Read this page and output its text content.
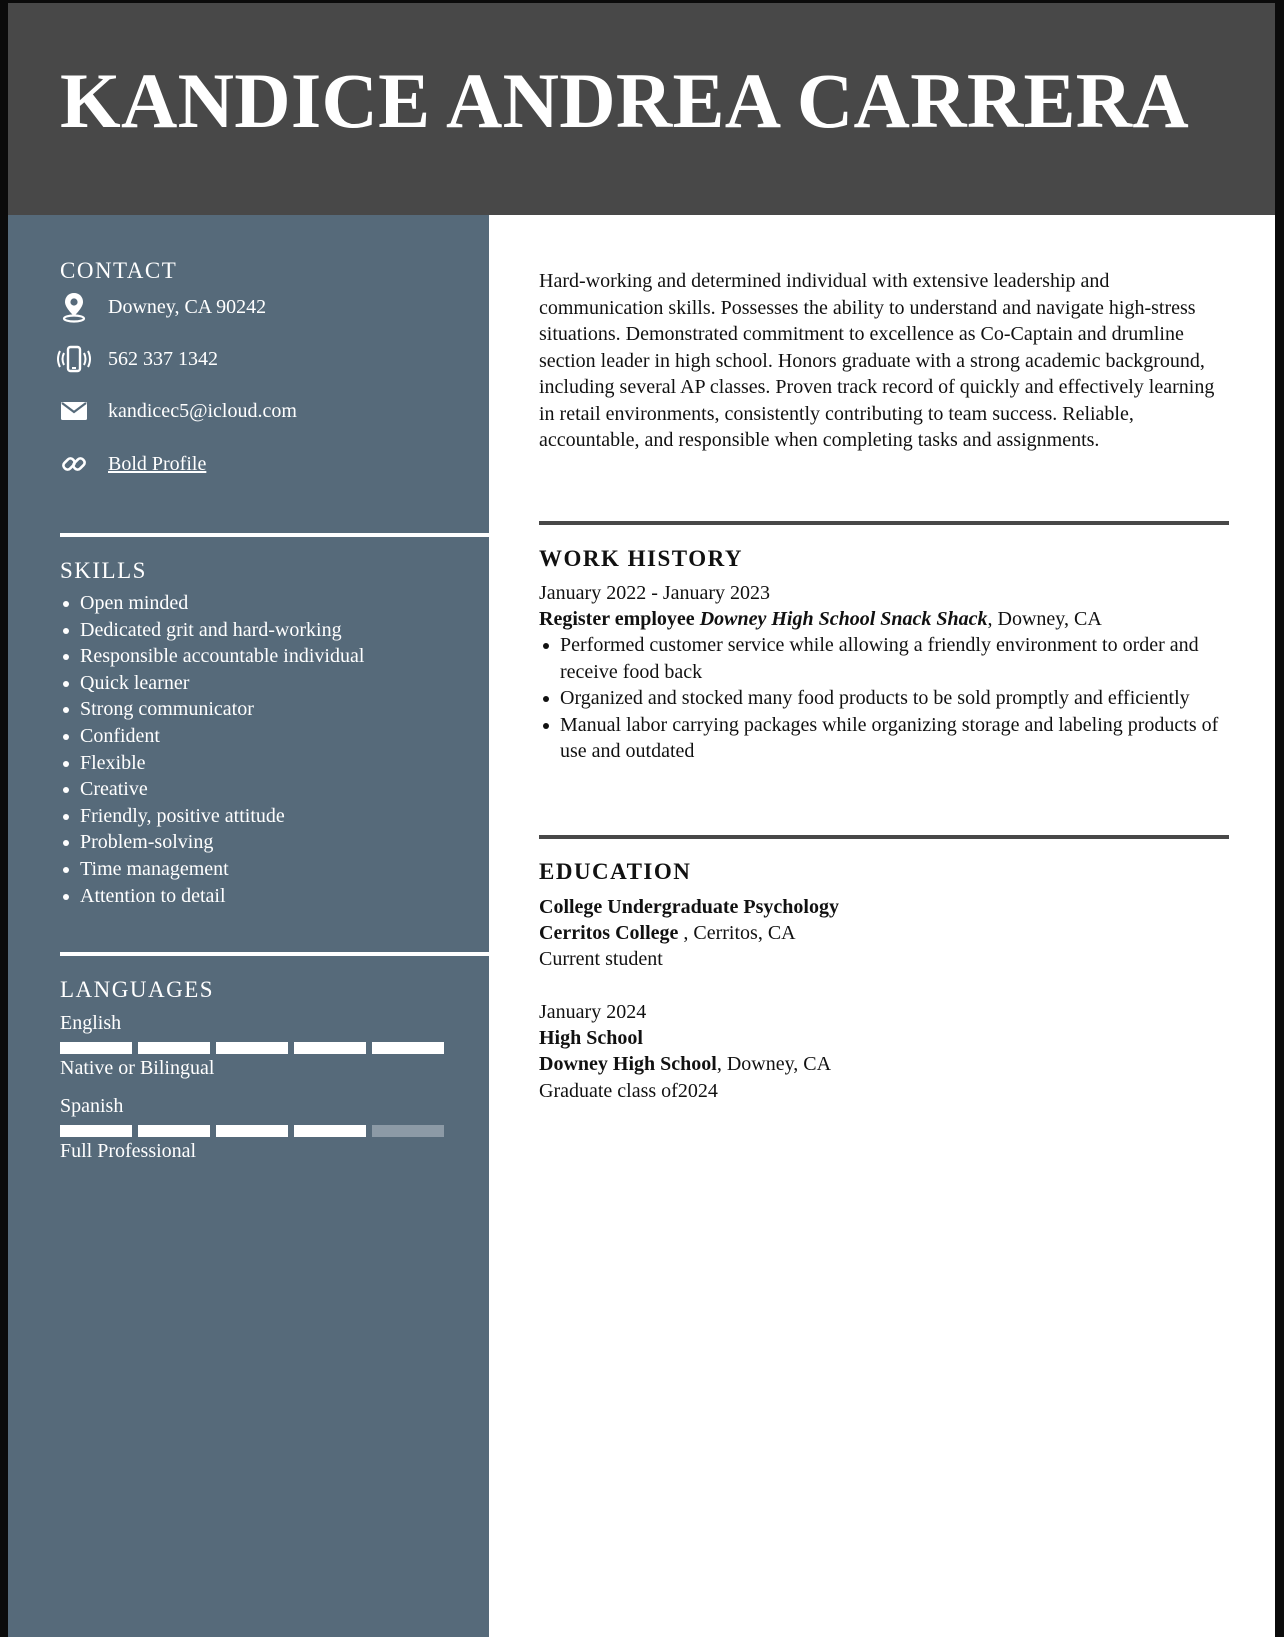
KANDICE ANDREA CARRERA
CONTACT
Downey, CA 90242
562 337 1342
kandicec5@icloud.com
Bold Profile
SKILLS
Open minded
Dedicated grit and hard-working
Responsible accountable individual
Quick learner
Strong communicator
Confident
Flexible
Creative
Friendly, positive attitude
Problem-solving
Time management
Attention to detail
LANGUAGES
English
Native or Bilingual
Spanish
Full Professional

Hard-working and determined individual with extensive leadership and communication skills. Possesses the ability to understand and navigate high-stress situations. Demonstrated commitment to excellence as Co-Captain and drumline section leader in high school. Honors graduate with a strong academic background, including several AP classes. Proven track record of quickly and effectively learning in retail environments, consistently contributing to team success. Reliable, accountable, and responsible when completing tasks and assignments.

WORK HISTORY
January 2022 - January 2023
Register employee Downey High School Snack Shack, Downey, CA
Performed customer service while allowing a friendly environment to order and receive food back
Organized and stocked many food products to be sold promptly and efficiently
Manual labor carrying packages while organizing storage and labeling products of use and outdated
EDUCATION
College Undergraduate Psychology
Cerritos College , Cerritos, CA
Current student
January 2024
High School
Downey High School, Downey, CA
Graduate class of2024
